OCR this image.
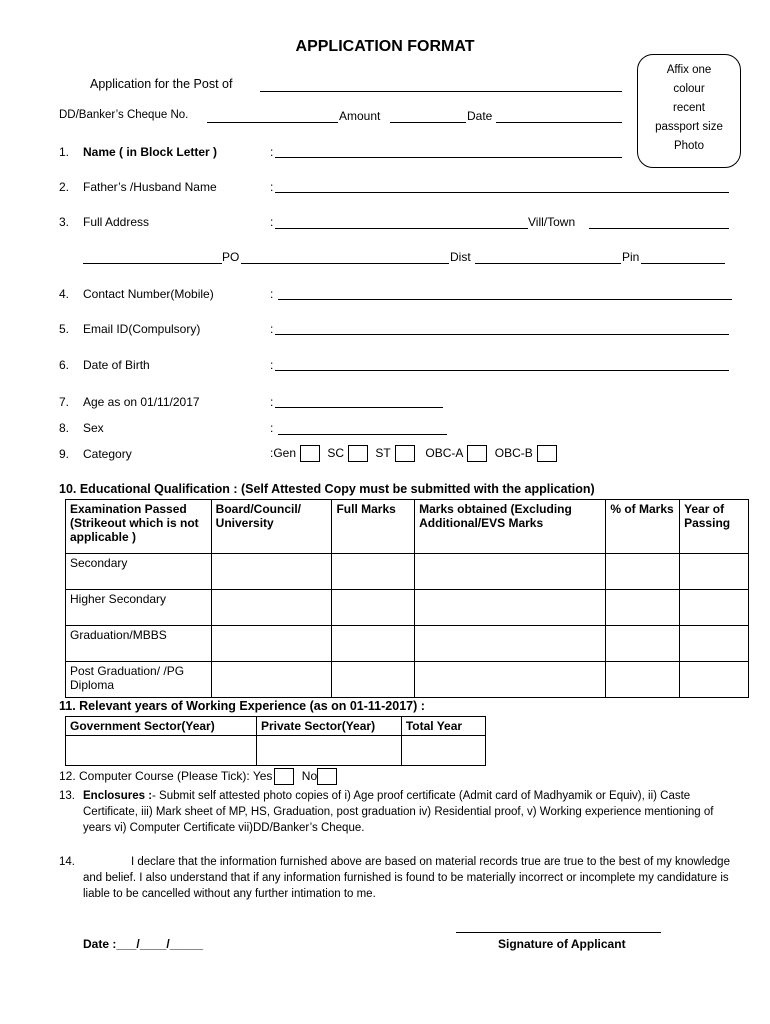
APPLICATION FORMAT
Affix one
colour
recent
passport size
Photo
Application for the Post of
DD/Banker’s Cheque No.	Amount	Date
1. Name ( in Block Letter )	:
2. Father’s /Husband Name	:
3. Full Address	:	Vill/Town
PO	Dist	Pin
4. Contact Number(Mobile)	:
5. Email ID(Compulsory)	:
6. Date of Birth	:
7. Age as on 01/11/2017	:
8. Sex	:
9. Category	:Gen	SC	ST	OBC-A	OBC-B
10. Educational Qualification : (Self Attested Copy must be submitted with the application)
Examination Passed (Strikeout which is not applicable )	Board/Council/ University	Full Marks	Marks obtained (Excluding Additional/EVS Marks	% of Marks	Year of Passing
Secondary					
Higher Secondary					
Graduation/MBBS					
Post Graduation/ /PG Diploma					
11. Relevant years of Working Experience (as on 01-11-2017) :
Government Sector(Year)	Private Sector(Year)	Total Year

12. Computer Course (Please Tick): Yes No
13. Enclosures :- Submit self attested photo copies of i) Age proof certificate (Admit card of Madhyamik or Equiv), ii) Caste Certificate, iii) Mark sheet of MP, HS, Graduation, post graduation iv) Residential proof, v) Working experience mentioning of years vi) Computer Certificate vii)DD/Banker’s Cheque.
14.	I declare that the information furnished above are based on material records true are true to the best of my knowledge and belief. I also understand that if any information furnished is found to be materially incorrect or incomplete my candidature is liable to be cancelled without any further intimation to me.
Date :___/____/_____	Signature of Applicant
